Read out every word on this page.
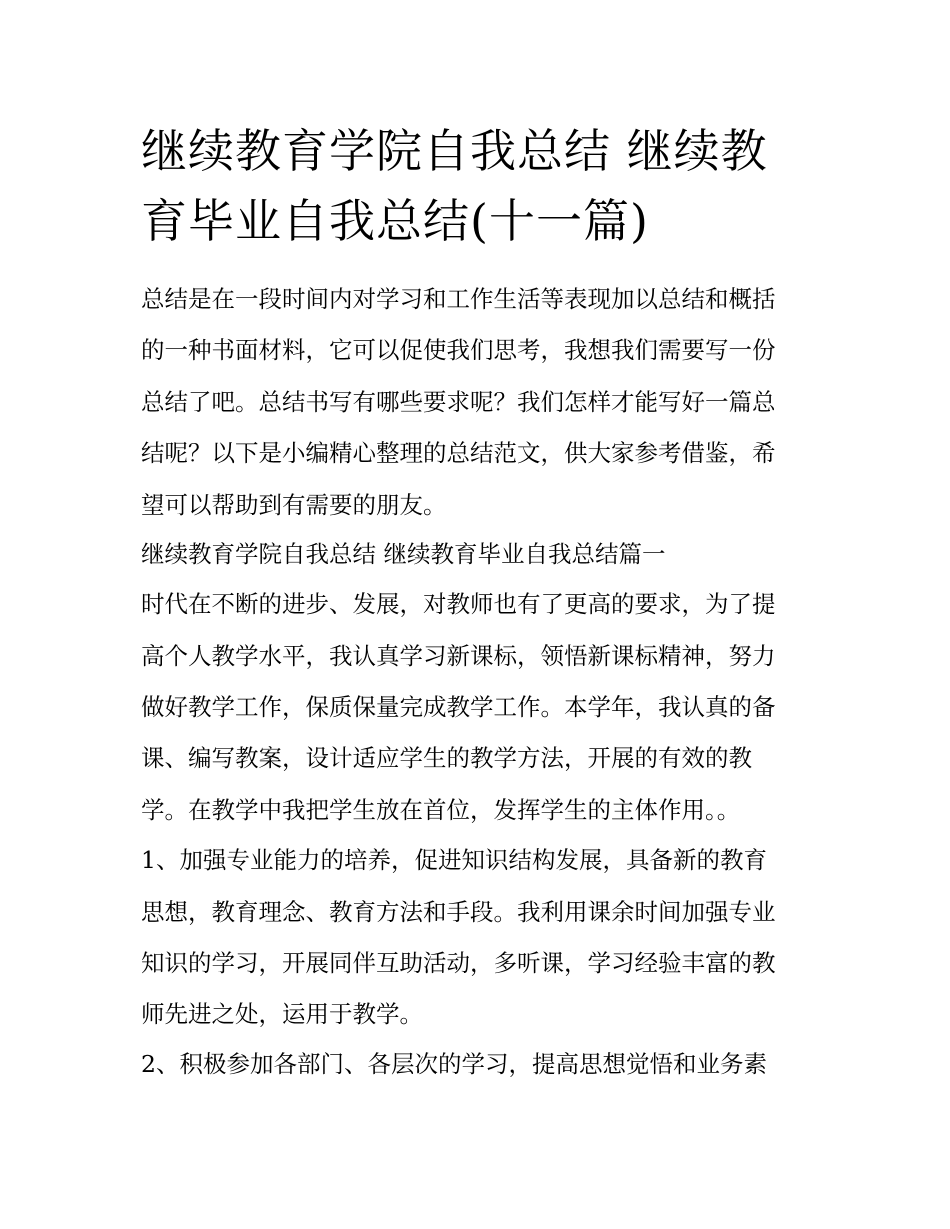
继续教育学院自我总结 继续教
育毕业自我总结(十一篇)

总结是在一段时间内对学习和工作生活等表现加以总结和概括

的一种书面材料，它可以促使我们思考，我想我们需要写一份

总结了吧。总结书写有哪些要求呢？我们怎样才能写好一篇总

结呢？以下是小编精心整理的总结范文，供大家参考借鉴，希

望可以帮助到有需要的朋友。

继续教育学院自我总结 继续教育毕业自我总结篇一

时代在不断的进步、发展，对教师也有了更高的要求，为了提

高个人教学水平，我认真学习新课标，领悟新课标精神，努力

做好教学工作，保质保量完成教学工作。本学年，我认真的备

课、编写教案，设计适应学生的教学方法，开展的有效的教

学。在教学中我把学生放在首位，发挥学生的主体作用。。

1、加强专业能力的培养，促进知识结构发展，具备新的教育

思想，教育理念、教育方法和手段。我利用课余时间加强专业

知识的学习，开展同伴互助活动，多听课，学习经验丰富的教

师先进之处，运用于教学。

2、积极参加各部门、各层次的学习，提高思想觉悟和业务素
